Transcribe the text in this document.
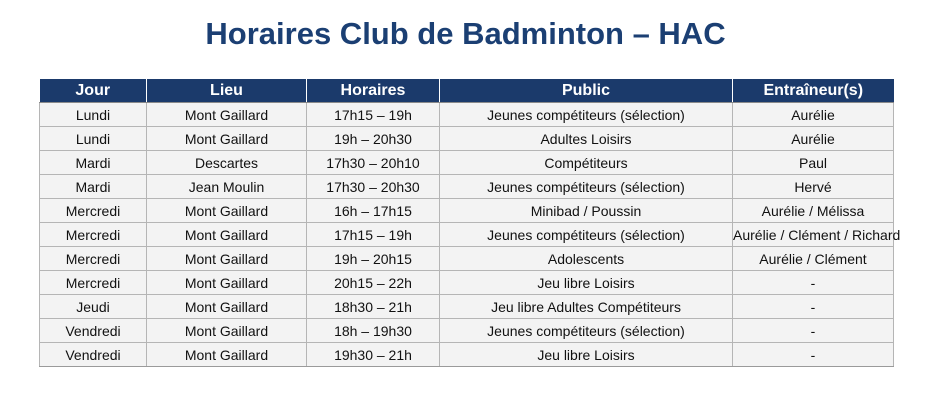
Horaires Club de Badminton – HAC
Jour	Lieu	Horaires	Public	Entraîneur(s)
Lundi	Mont Gaillard	17h15 – 19h	Jeunes compétiteurs (sélection)	Aurélie
Lundi	Mont Gaillard	19h – 20h30	Adultes Loisirs	Aurélie
Mardi	Descartes	17h30 – 20h10	Compétiteurs	Paul
Mardi	Jean Moulin	17h30 – 20h30	Jeunes compétiteurs (sélection)	Hervé
Mercredi	Mont Gaillard	16h – 17h15	Minibad / Poussin	Aurélie / Mélissa
Mercredi	Mont Gaillard	17h15 – 19h	Jeunes compétiteurs (sélection)	Aurélie / Clément / Richard
Mercredi	Mont Gaillard	19h – 20h15	Adolescents	Aurélie / Clément
Mercredi	Mont Gaillard	20h15 – 22h	Jeu libre Loisirs	-
Jeudi	Mont Gaillard	18h30 – 21h	Jeu libre Adultes Compétiteurs	-
Vendredi	Mont Gaillard	18h – 19h30	Jeunes compétiteurs (sélection)	-
Vendredi	Mont Gaillard	19h30 – 21h	Jeu libre Loisirs	-
